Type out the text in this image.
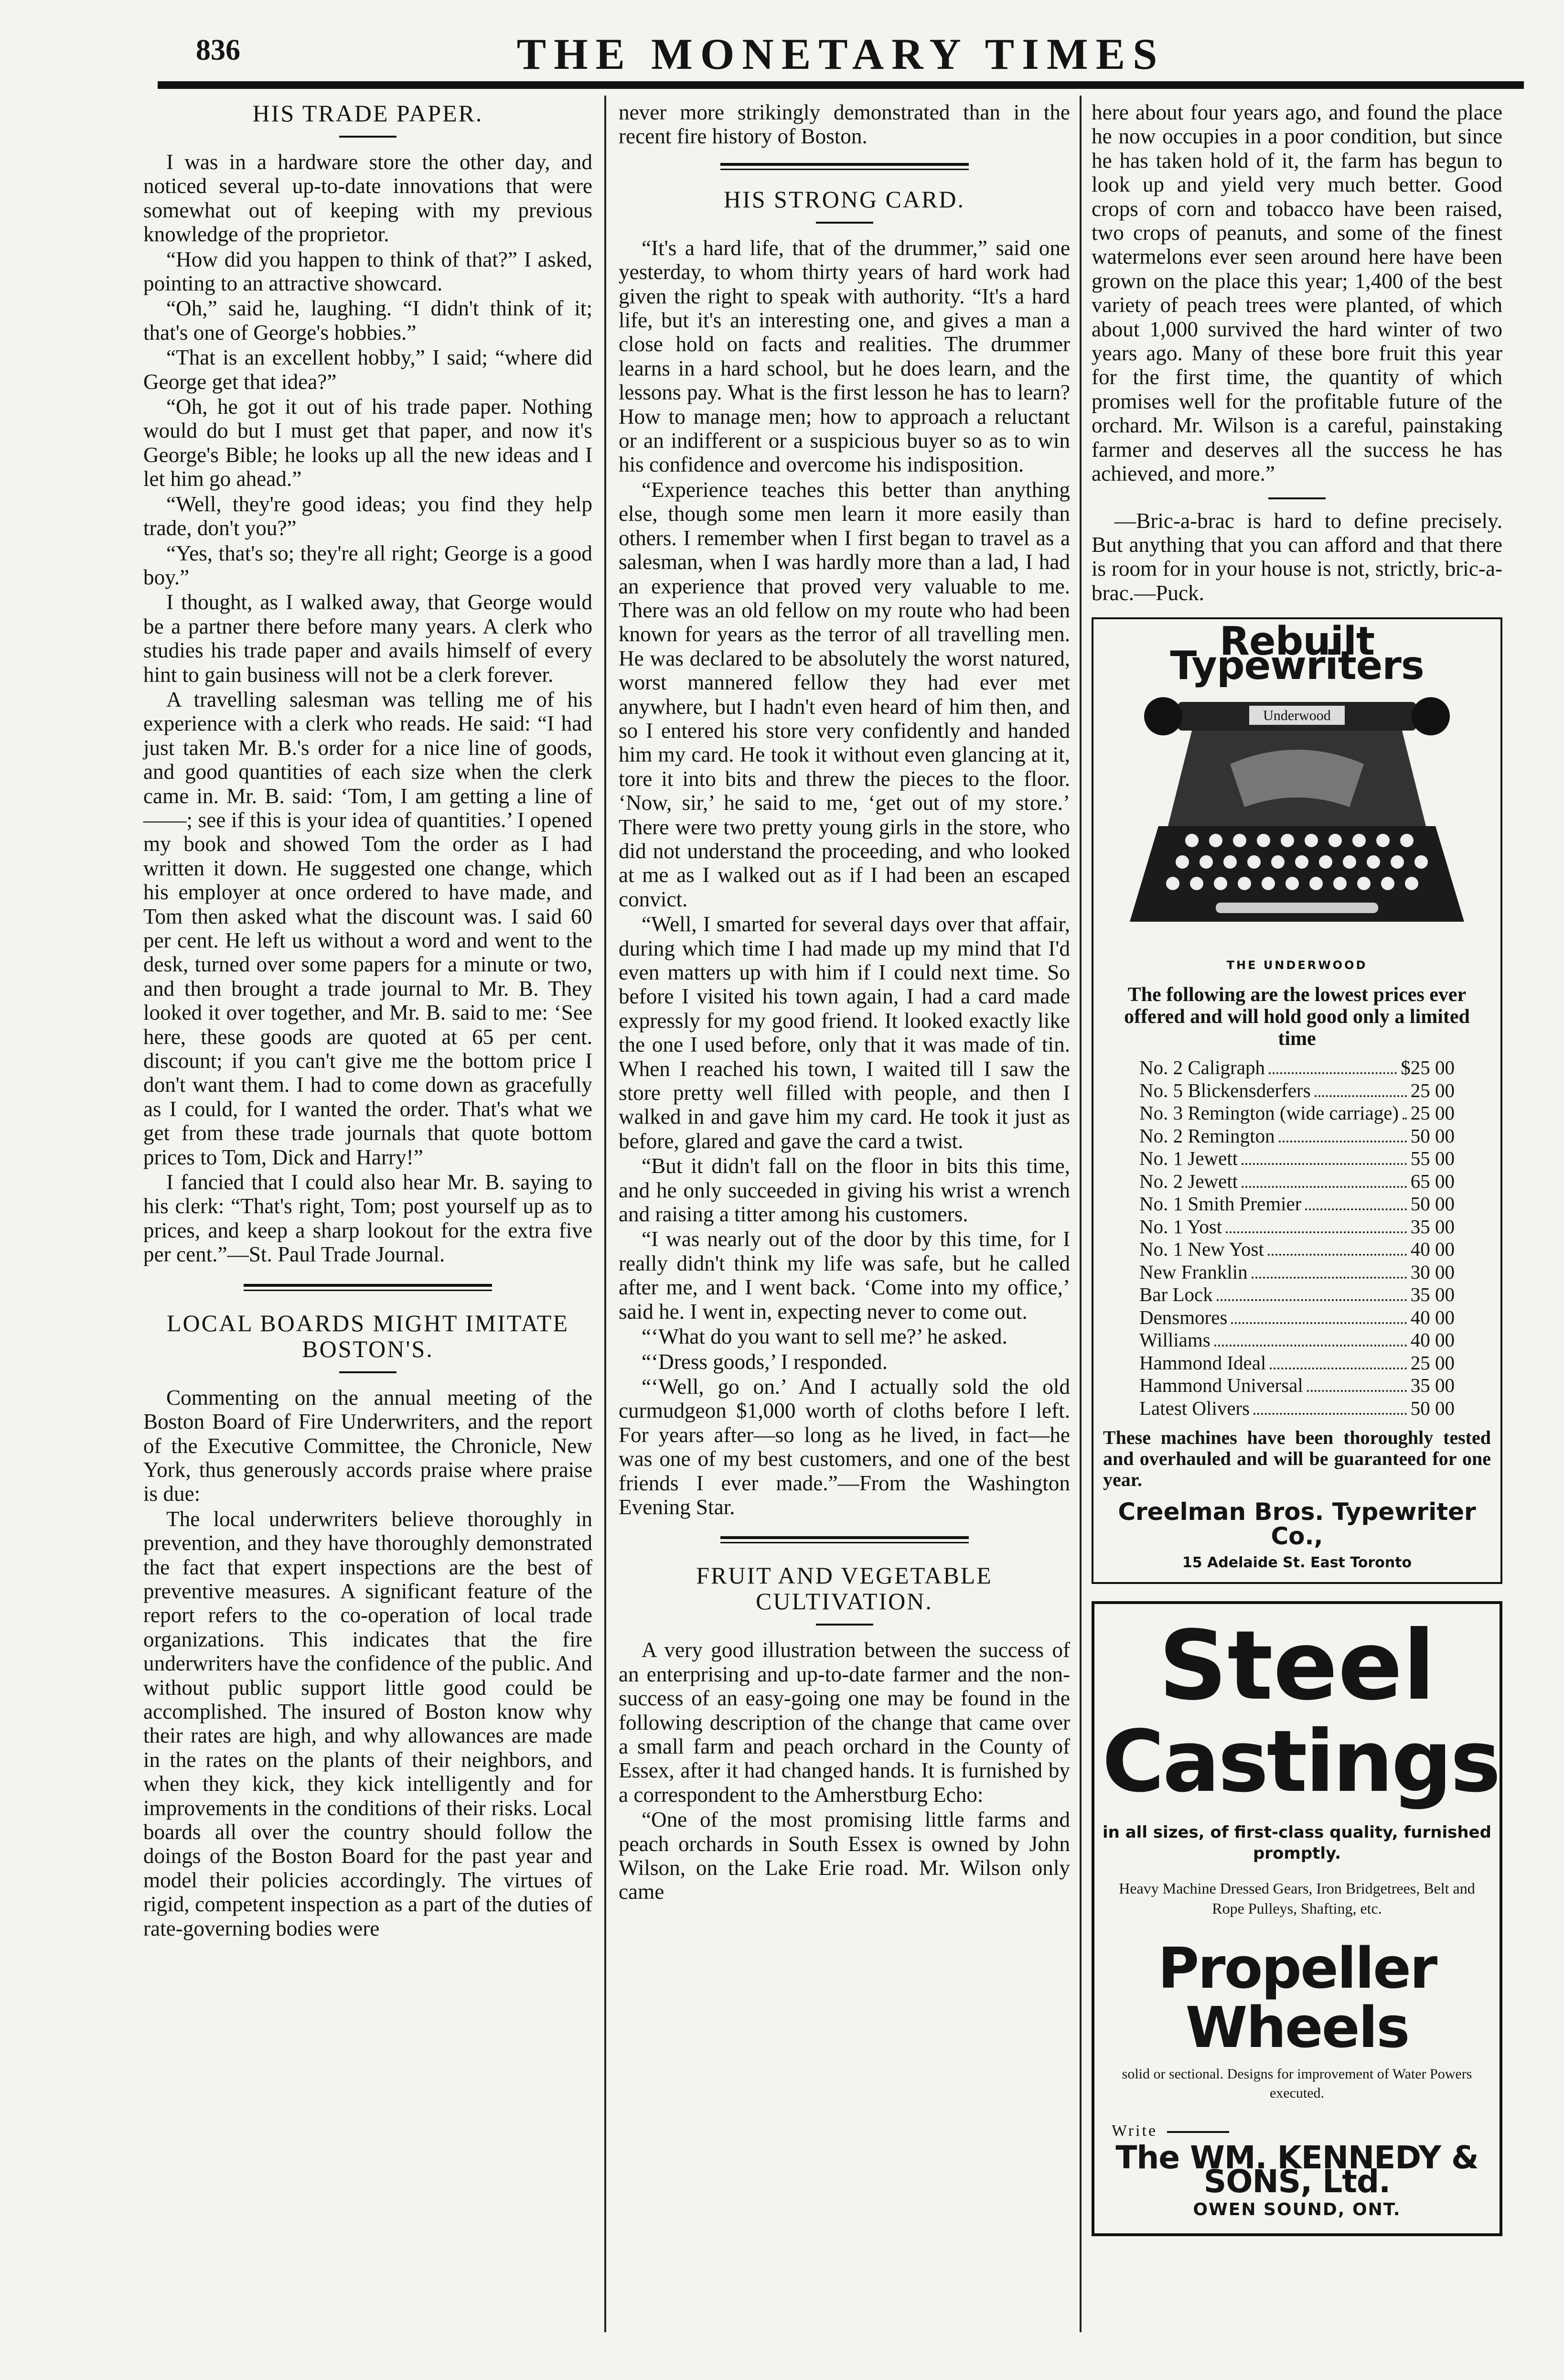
836	THE MONETARY TIMES
HIS TRADE PAPER.

I was in a hardware store the other day, and noticed several up-to-date innovations that were somewhat out of keeping with my previous knowledge of the proprietor.

“How did you happen to think of that?” I asked, pointing to an attractive showcard.

“Oh,” said he, laughing. “I didn't think of it; that's one of George's hobbies.”

“That is an excellent hobby,” I said; “where did George get that idea?”

“Oh, he got it out of his trade paper. Nothing would do but I must get that paper, and now it's George's Bible; he looks up all the new ideas and I let him go ahead.”

“Well, they're good ideas; you find they help trade, don't you?”

“Yes, that's so; they're all right; George is a good boy.”

I thought, as I walked away, that George would be a partner there before many years. A clerk who studies his trade paper and avails himself of every hint to gain business will not be a clerk forever.

A travelling salesman was telling me of his experience with a clerk who reads. He said: “I had just taken Mr. B.'s order for a nice line of goods, and good quantities of each size when the clerk came in. Mr. B. said: ‘Tom, I am getting a line of ——; see if this is your idea of quantities.’ I opened my book and showed Tom the order as I had written it down. He suggested one change, which his employer at once ordered to have made, and Tom then asked what the discount was. I said 60 per cent. He left us without a word and went to the desk, turned over some papers for a minute or two, and then brought a trade journal to Mr. B. They looked it over together, and Mr. B. said to me: ‘See here, these goods are quoted at 65 per cent. discount; if you can't give me the bottom price I don't want them. I had to come down as gracefully as I could, for I wanted the order. That's what we get from these trade journals that quote bottom prices to Tom, Dick and Harry!”

I fancied that I could also hear Mr. B. saying to his clerk: “That's right, Tom; post yourself up as to prices, and keep a sharp lookout for the extra five per cent.”—St. Paul Trade Journal.

LOCAL BOARDS MIGHT IMITATE BOSTON'S.

Commenting on the annual meeting of the Boston Board of Fire Underwriters, and the report of the Executive Committee, the Chronicle, New York, thus generously accords praise where praise is due:

The local underwriters believe thoroughly in prevention, and they have thoroughly demonstrated the fact that expert inspections are the best of preventive measures. A significant feature of the report refers to the co-operation of local trade organizations. This indicates that the fire underwriters have the confidence of the public. And without public support little good could be accomplished. The insured of Boston know why their rates are high, and why allowances are made in the rates on the plants of their neighbors, and when they kick, they kick intelligently and for improvements in the conditions of their risks. Local boards all over the country should follow the doings of the Boston Board for the past year and model their policies accordingly. The virtues of rigid, competent inspection as a part of the duties of rate-governing bodies were

never more strikingly demonstrated than in the recent fire history of Boston.

HIS STRONG CARD.

“It's a hard life, that of the drummer,” said one yesterday, to whom thirty years of hard work had given the right to speak with authority. “It's a hard life, but it's an interesting one, and gives a man a close hold on facts and realities. The drummer learns in a hard school, but he does learn, and the lessons pay. What is the first lesson he has to learn? How to manage men; how to approach a reluctant or an indifferent or a suspicious buyer so as to win his confidence and overcome his indisposition.

“Experience teaches this better than anything else, though some men learn it more easily than others. I remember when I first began to travel as a salesman, when I was hardly more than a lad, I had an experience that proved very valuable to me. There was an old fellow on my route who had been known for years as the terror of all travelling men. He was declared to be absolutely the worst natured, worst mannered fellow they had ever met anywhere, but I hadn't even heard of him then, and so I entered his store very confidently and handed him my card. He took it without even glancing at it, tore it into bits and threw the pieces to the floor. ‘Now, sir,’ he said to me, ‘get out of my store.’ There were two pretty young girls in the store, who did not understand the proceeding, and who looked at me as I walked out as if I had been an escaped convict.

“Well, I smarted for several days over that affair, during which time I had made up my mind that I'd even matters up with him if I could next time. So before I visited his town again, I had a card made expressly for my good friend. It looked exactly like the one I used before, only that it was made of tin. When I reached his town, I waited till I saw the store pretty well filled with people, and then I walked in and gave him my card. He took it just as before, glared and gave the card a twist.

“But it didn't fall on the floor in bits this time, and he only succeeded in giving his wrist a wrench and raising a titter among his customers.

“I was nearly out of the door by this time, for I really didn't think my life was safe, but he called after me, and I went back. ‘Come into my office,’ said he. I went in, expecting never to come out.

“‘What do you want to sell me?’ he asked.

“‘Dress goods,’ I responded.

“‘Well, go on.’ And I actually sold the old curmudgeon $1,000 worth of cloths before I left. For years after—so long as he lived, in fact—he was one of my best customers, and one of the best friends I ever made.”—From the Washington Evening Star.

FRUIT AND VEGETABLE CULTIVATION.

A very good illustration between the success of an enterprising and up-to-date farmer and the non-success of an easy-going one may be found in the following description of the change that came over a small farm and peach orchard in the County of Essex, after it had changed hands. It is furnished by a correspondent to the Amherstburg Echo:

“One of the most promising little farms and peach orchards in South Essex is owned by John Wilson, on the Lake Erie road. Mr. Wilson only came

here about four years ago, and found the place he now occupies in a poor condition, but since he has taken hold of it, the farm has begun to look up and yield very much better. Good crops of corn and tobacco have been raised, two crops of peanuts, and some of the finest watermelons ever seen around here have been grown on the place this year; 1,400 of the best variety of peach trees were planted, of which about 1,000 survived the hard winter of two years ago. Many of these bore fruit this year for the first time, the quantity of which promises well for the profitable future of the orchard. Mr. Wilson is a careful, painstaking farmer and deserves all the success he has achieved, and more.”

—Bric-a-brac is hard to define precisely. But anything that you can afford and that there is room for in your house is not, strictly, bric-a-brac.—Puck.

Rebuilt Typewriters
Underwood
THE UNDERWOOD
The following are the lowest prices ever offered and will hold good only a limited time
No. 2 Caligraph	$25 00
No. 5 Blickensderfers	25 00
No. 3 Remington (wide carriage) 25 00
No. 2 Remington	50 00
No. 1 Jewett	55 00
No. 2 Jewett	65 00
No. 1 Smith Premier	50 00
No. 1 Yost	35 00
No. 1 New Yost	40 00
New Franklin	30 00
Bar Lock	35 00
Densmores	40 00
Williams	40 00
Hammond Ideal	25 00
Hammond Universal	35 00
Latest Olivers	50 00
These machines have been thoroughly tested and overhauled and will be guaranteed for one year.
Creelman Bros. Typewriter Co.,
15 Adelaide St. East Toronto
Steel
Castings
in all sizes, of first-class quality, furnished promptly.
Heavy Machine Dressed Gears, Iron Bridgetrees, Belt and Rope Pulleys, Shafting, etc.
Propeller Wheels
solid or sectional. Designs for improvement of Water Powers executed.
Write
The WM. KENNEDY & SONS, Ltd.
OWEN SOUND, ONT.
